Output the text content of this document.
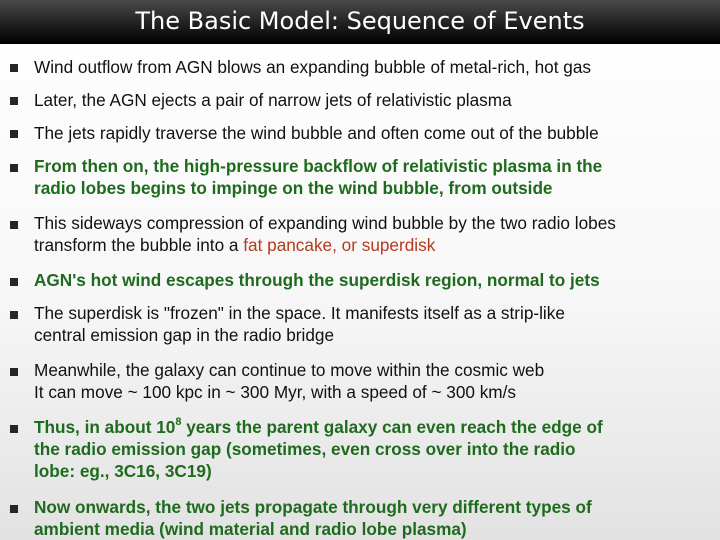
The Basic Model: Sequence of Events
Wind outflow from AGN blows an expanding bubble of metal-rich, hot gas
Later, the AGN ejects a pair of narrow jets of relativistic plasma
The jets rapidly traverse the wind bubble and often come out of the bubble
From then on, the high-pressure backflow of relativistic plasma in the
radio lobes begins to impinge on the wind bubble, from outside
This sideways compression of expanding wind bubble by the two radio lobes
transform the bubble into a fat pancake, or superdisk
AGN's hot wind escapes through the superdisk region, normal to jets
The superdisk is "frozen" in the space. It manifests itself as a strip-like
central emission gap in the radio bridge
Meanwhile, the galaxy can continue to move within the cosmic web
It can move ~ 100 kpc in ~ 300 Myr, with a speed of ~ 300 km/s
Thus, in about $10^8$ years the parent galaxy can even reach the edge of
the radio emission gap (sometimes, even cross over into the radio
lobe: eg., 3C16, 3C19)
Now onwards, the two jets propagate through very different types of
ambient media (wind material and radio lobe plasma)
